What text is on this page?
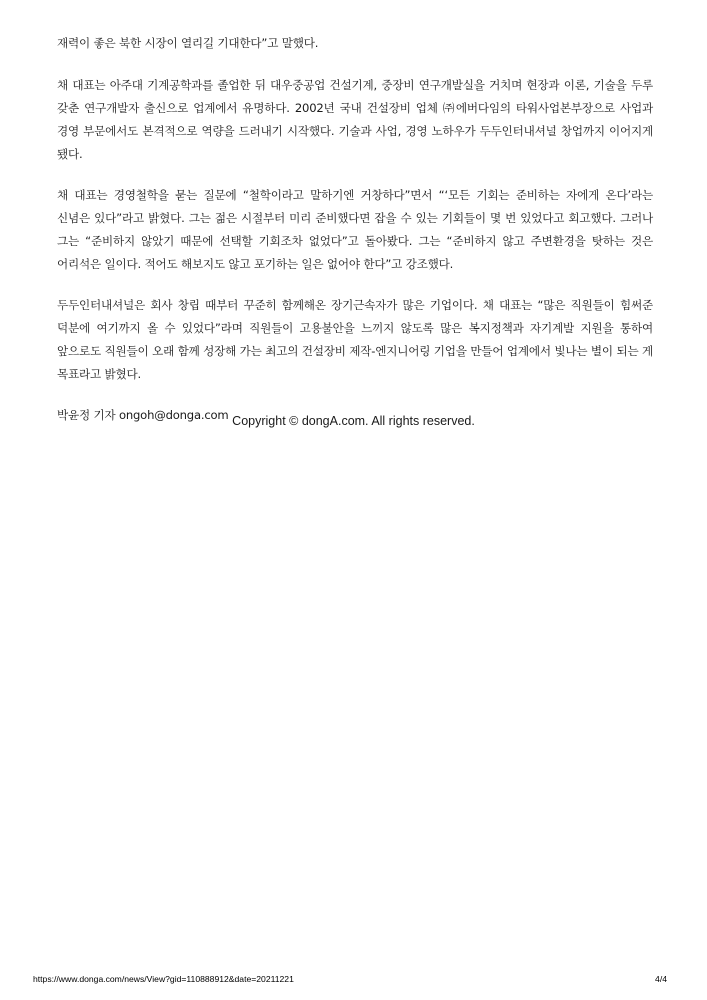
재력이 좋은 북한 시장이 열리길 기대한다”고 말했다.

채 대표는 아주대 기계공학과를 졸업한 뒤 대우중공업 건설기계, 중장비 연구개발실을 거치며 현장과 이론, 기술을 두루 갖춘 연구개발자 출신으로 업계에서 유명하다. 2002년 국내 건설장비 업체 ㈜에버다임의 타워사업본부장으로 사업과 경영 부문에서도 본격적으로 역량을 드러내기 시작했다. 기술과 사업, 경영 노하우가 두두인터내셔널 창업까지 이어지게 됐다.

채 대표는 경영철학을 묻는 질문에 “철학이라고 말하기엔 거창하다”면서 “‘모든 기회는 준비하는 자에게 온다’라는 신념은 있다”라고 밝혔다. 그는 젊은 시절부터 미리 준비했다면 잡을 수 있는 기회들이 몇 번 있었다고 회고했다. 그러나 그는 “준비하지 않았기 때문에 선택할 기회조차 없었다”고 돌아봤다. 그는 “준비하지 않고 주변환경을 탓하는 것은 어리석은 일이다. 적어도 해보지도 않고 포기하는 일은 없어야 한다”고 강조했다.

두두인터내셔널은 회사 창립 때부터 꾸준히 함께해온 장기근속자가 많은 기업이다. 채 대표는 “많은 직원들이 힘써준 덕분에 여기까지 올 수 있었다”라며 직원들이 고용불안을 느끼지 않도록 많은 복지정책과 자기계발 지원을 통하여 앞으로도 직원들이 오래 함께 성장해 가는 최고의 건설장비 제작-엔지니어링 기업을 만들어 업계에서 빛나는 별이 되는 게 목표라고 밝혔다.

박윤정 기자 ongoh@donga.com Copyright © dongA.com. All rights reserved.
https://www.donga.com/news/View?gid=110888912&date=20211221	4/4
